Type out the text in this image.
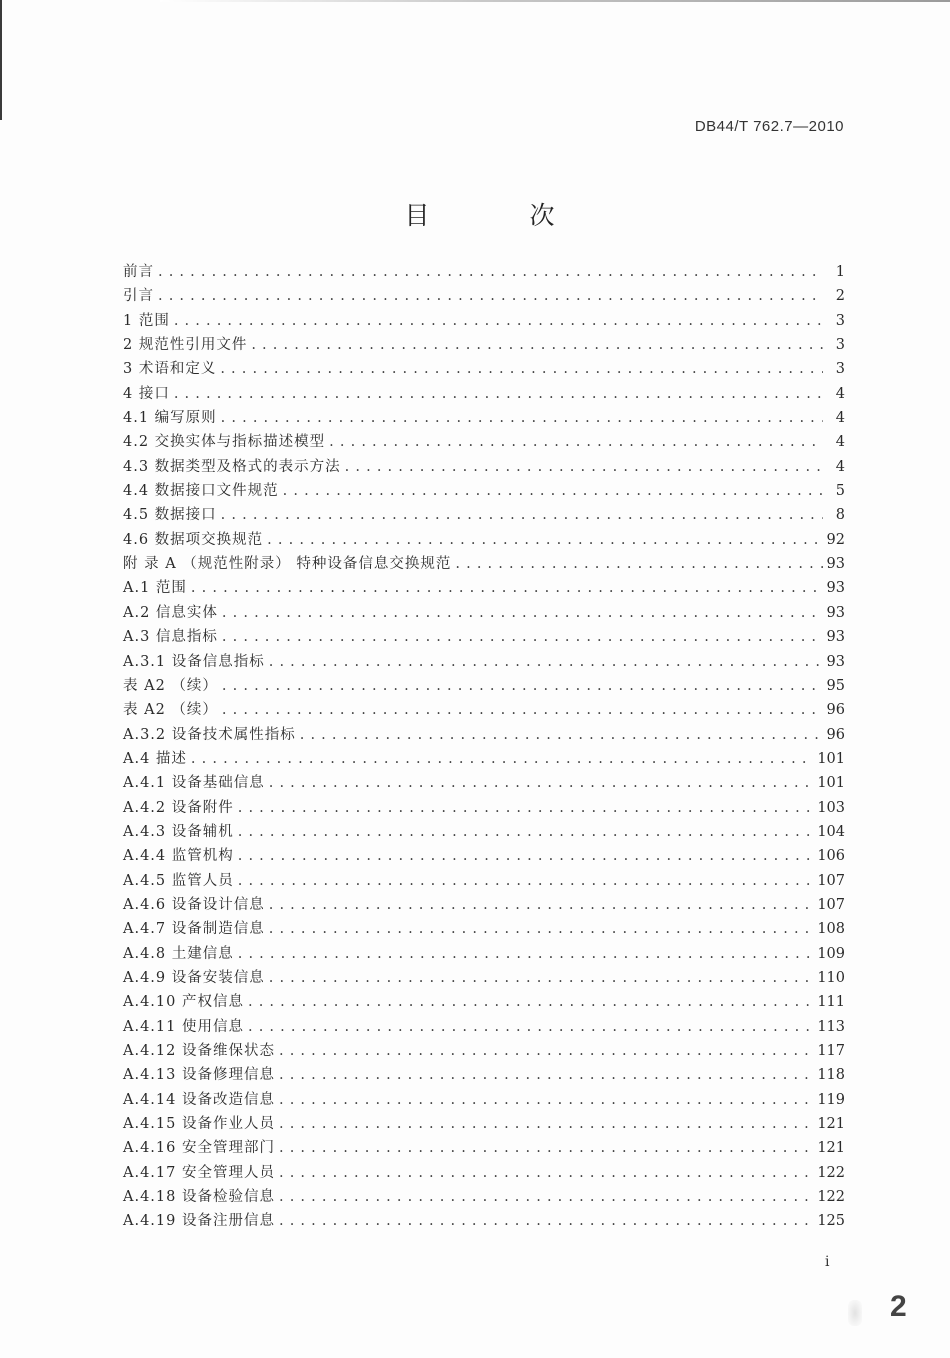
DB44/T 762.7—2010
目 次
前言 . . .	1
引言 . . .	2
1 范围 . . .	3
2 规范性引用文件 . . .	3
3 术语和定义 . . .	3
4 接口 . . .	4
4.1 编写原则 . . .	4
4.2 交换实体与指标描述模型 . . .	4
4.3 数据类型及格式的表示方法 . . .	4
4.4 数据接口文件规范 . . .	5
4.5 数据接口 . . .	8
4.6 数据项交换规范 . . .	92
附 录 A （规范性附录） 特种设备信息交换规范 . . .	93
A.1 范围 . . .	93
A.2 信息实体 . . .	93
A.3 信息指标 . . .	93
A.3.1 设备信息指标 . . .	93
表 A2 （续） . . .	95
表 A2 （续） . . .	96
A.3.2 设备技术属性指标 . . .	96
A.4 描述 . . .	101
A.4.1 设备基础信息 . . .	101
A.4.2 设备附件 . . .	103
A.4.3 设备辅机 . . .	104
A.4.4 监管机构 . . .	106
A.4.5 监管人员 . . .	107
A.4.6 设备设计信息 . . .	107
A.4.7 设备制造信息 . . .	108
A.4.8 土建信息 . . .	109
A.4.9 设备安装信息 . . .	110
A.4.10 产权信息 . . .	111
A.4.11 使用信息 . . .	113
A.4.12 设备维保状态 . . .	117
A.4.13 设备修理信息 . . .	118
A.4.14 设备改造信息 . . .	119
A.4.15 设备作业人员 . . .	121
A.4.16 安全管理部门 . . .	121
A.4.17 安全管理人员 . . .	122
A.4.18 设备检验信息 . . .	122
A.4.19 设备注册信息 . . .	125
i
2
